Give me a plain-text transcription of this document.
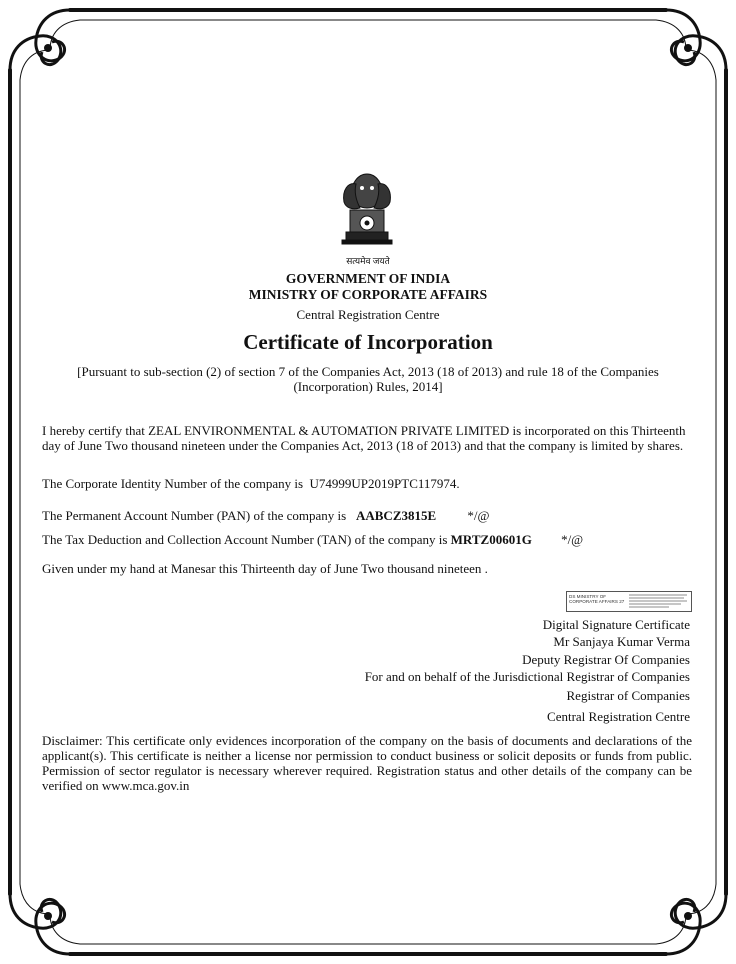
सत्यमेव जयते

GOVERNMENT OF INDIA
MINISTRY OF CORPORATE AFFAIRS

Central Registration Centre

Certificate of Incorporation

[Pursuant to sub-section (2) of section 7 of the Companies Act, 2013 (18 of 2013) and rule 18 of the Companies (Incorporation) Rules, 2014]

I hereby certify that ZEAL ENVIRONMENTAL & AUTOMATION PRIVATE LIMITED is incorporated on this Thirteenth day of June Two thousand nineteen under the Companies Act, 2013 (18 of 2013) and that the company is limited by shares.

The Corporate Identity Number of the company is U74999UP2019PTC117974.

The Permanent Account Number (PAN) of the company is AABCZ3815E */@

The Tax Deduction and Collection Account Number (TAN) of the company is MRTZ00601G */@

Given under my hand at Manesar this Thirteenth day of June Two thousand nineteen .

DS MINISTRY OF
CORPORATE AFFAIRS 27

Digital Signature Certificate

Mr Sanjaya Kumar Verma

Deputy Registrar Of Companies

For and on behalf of the Jurisdictional Registrar of Companies

Registrar of Companies

Central Registration Centre

Disclaimer: This certificate only evidences incorporation of the company on the basis of documents and declarations of the applicant(s). This certificate is neither a license nor permission to conduct business or solicit deposits or funds from public. Permission of sector regulator is necessary wherever required. Registration status and other details of the company can be verified on www.mca.gov.in
